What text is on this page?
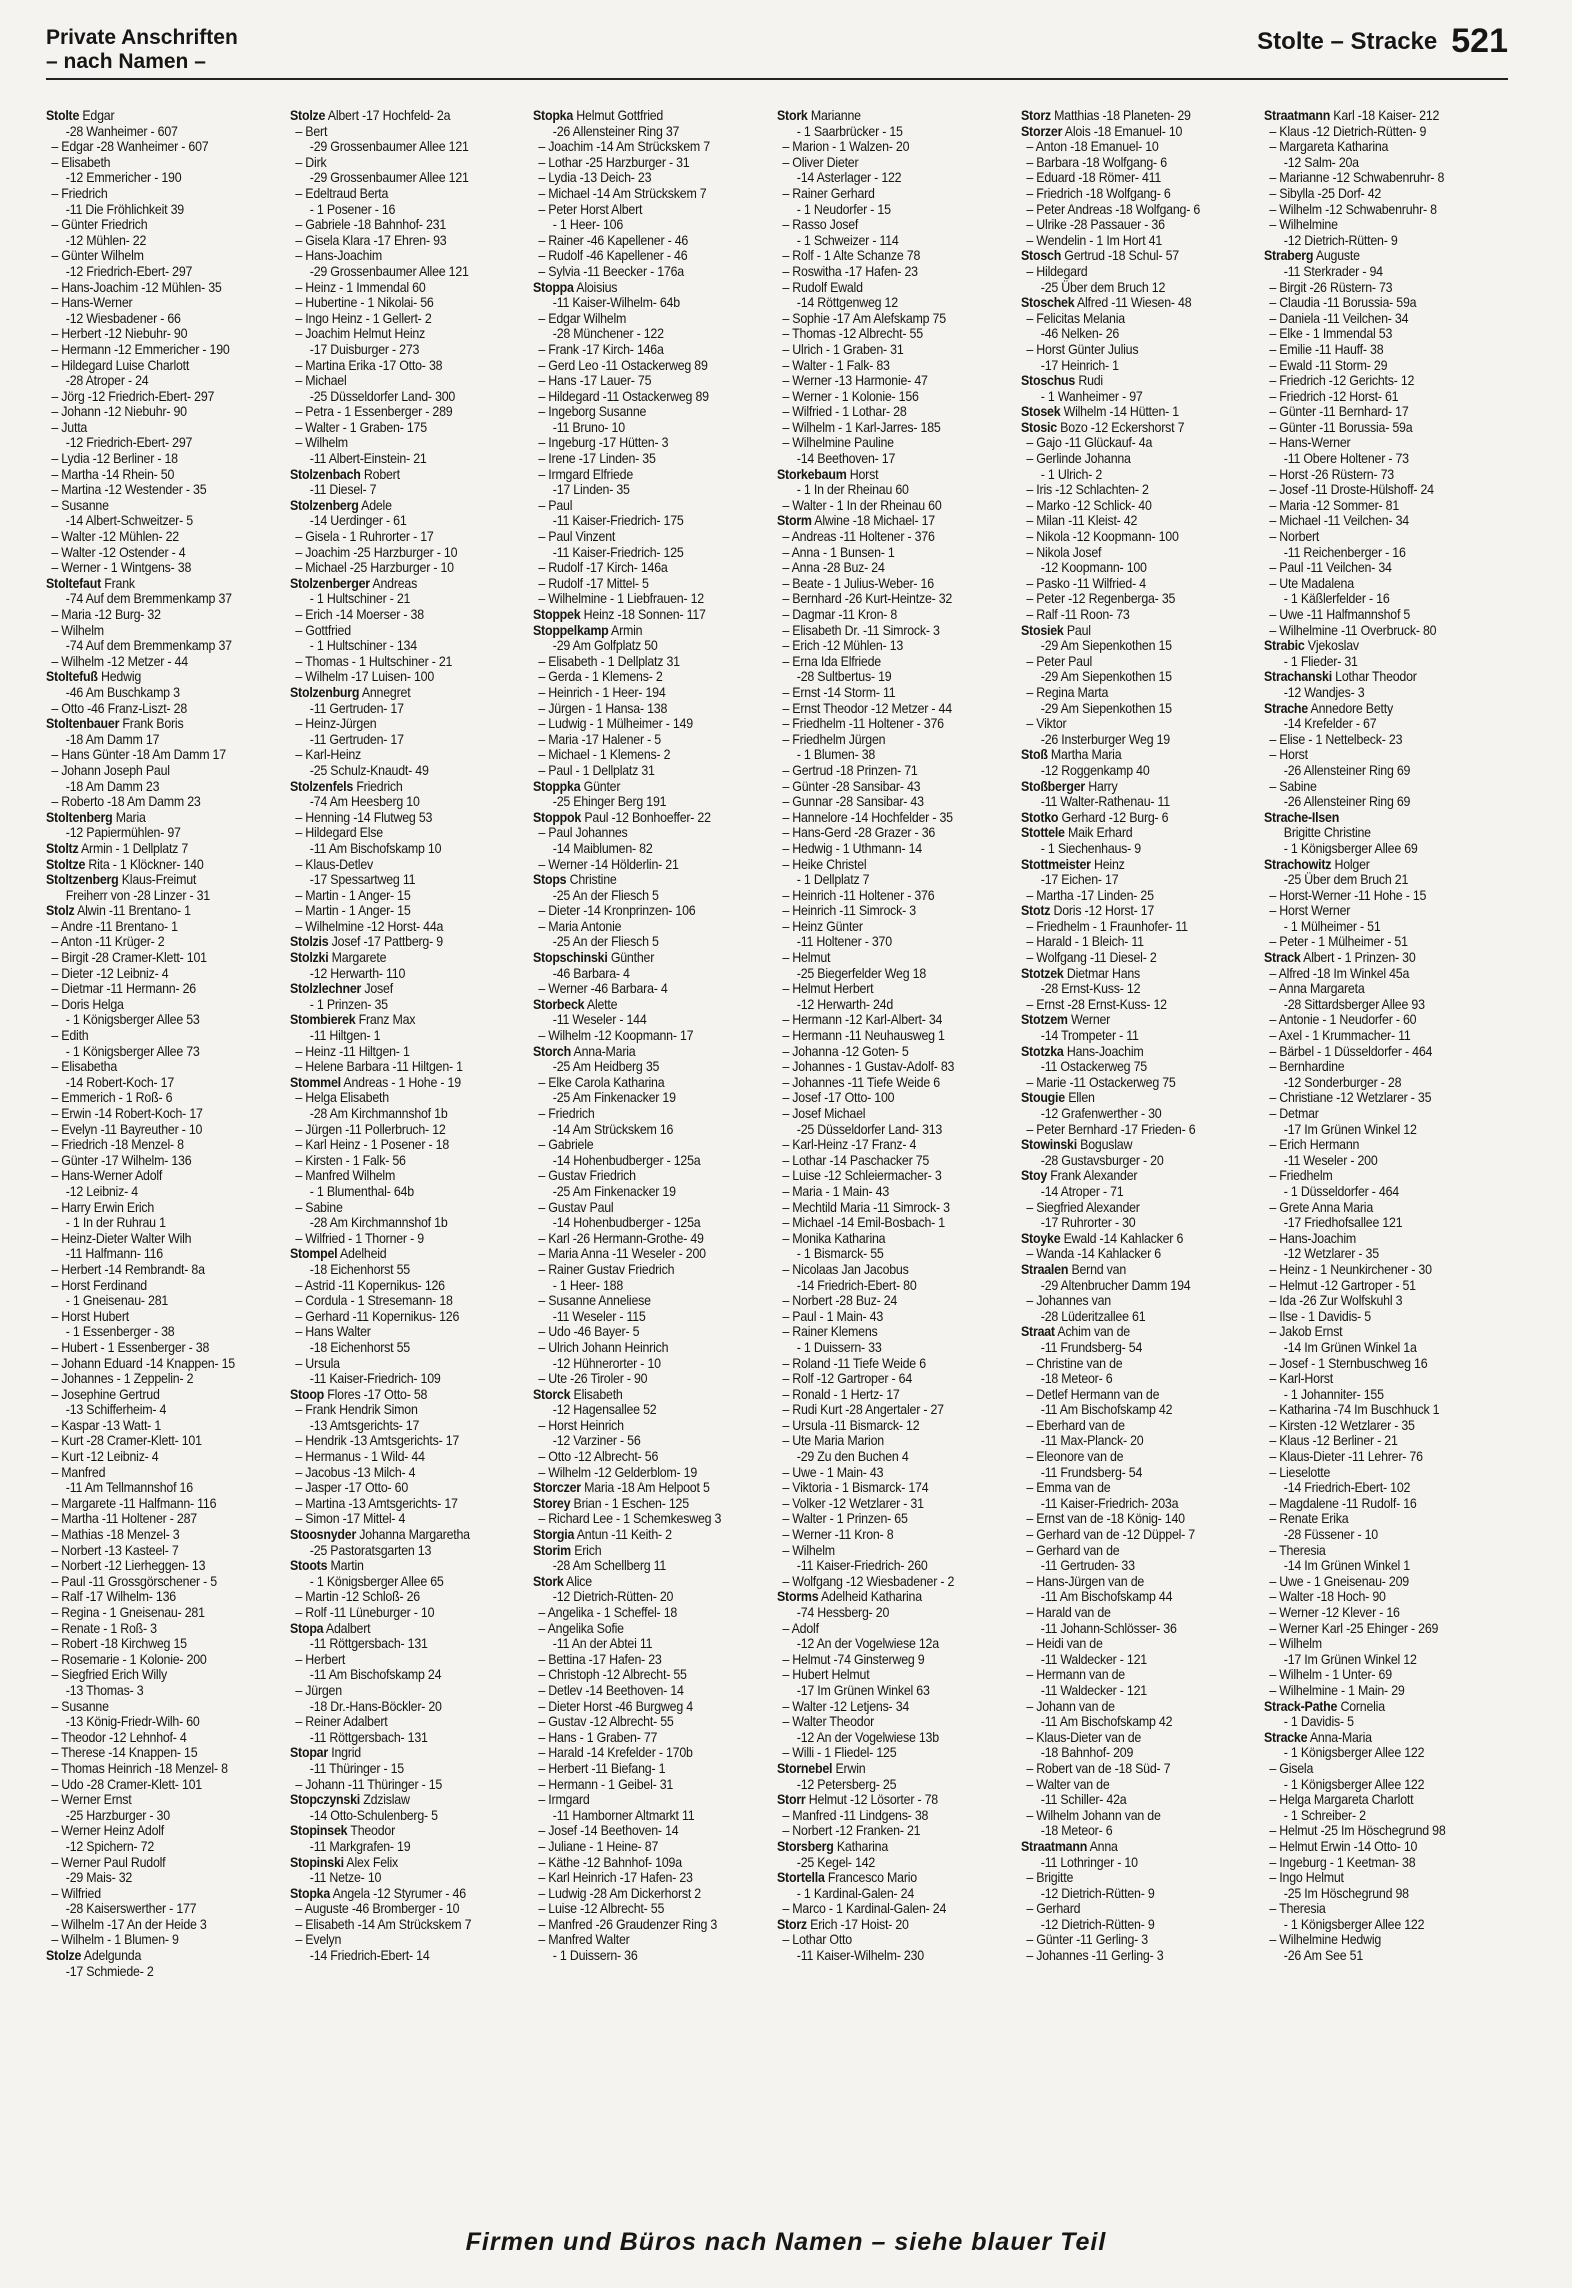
Private Anschriften
– nach Namen –
Stolte – Stracke 521
Stolte Edgar
-28 Wanheimer - 607
– Edgar -28 Wanheimer - 607
– Elisabeth
-12 Emmericher - 190
– Friedrich
-11 Die Fröhlichkeit 39
– Günter Friedrich
-12 Mühlen- 22
– Günter Wilhelm
-12 Friedrich-Ebert- 297
– Hans-Joachim -12 Mühlen- 35
– Hans-Werner
-12 Wiesbadener - 66
– Herbert -12 Niebuhr- 90
– Hermann -12 Emmericher - 190
– Hildegard Luise Charlott
-28 Atroper - 24
– Jörg -12 Friedrich-Ebert- 297
– Johann -12 Niebuhr- 90
– Jutta
-12 Friedrich-Ebert- 297
– Lydia -12 Berliner - 18
– Martha -14 Rhein- 50
– Martina -12 Westender - 35
– Susanne
-14 Albert-Schweitzer- 5
– Walter -12 Mühlen- 22
– Walter -12 Ostender - 4
– Werner - 1 Wintgens- 38
Stoltefaut Frank
-74 Auf dem Bremmenkamp 37
– Maria -12 Burg- 32
– Wilhelm
-74 Auf dem Bremmenkamp 37
– Wilhelm -12 Metzer - 44
Stoltefuß Hedwig
-46 Am Buschkamp 3
– Otto -46 Franz-Liszt- 28
Stoltenbauer Frank Boris
-18 Am Damm 17
– Hans Günter -18 Am Damm 17
– Johann Joseph Paul
-18 Am Damm 23
– Roberto -18 Am Damm 23
Stoltenberg Maria
-12 Papiermühlen- 97
Stoltz Armin - 1 Dellplatz 7
Stoltze Rita - 1 Klöckner- 140
Stoltzenberg Klaus-Freimut
Freiherr von -28 Linzer - 31
Stolz Alwin -11 Brentano- 1
– Andre -11 Brentano- 1
– Anton -11 Krüger- 2
– Birgit -28 Cramer-Klett- 101
– Dieter -12 Leibniz- 4
– Dietmar -11 Hermann- 26
– Doris Helga
- 1 Königsberger Allee 53
– Edith
- 1 Königsberger Allee 73
– Elisabetha
-14 Robert-Koch- 17
– Emmerich - 1 Roß- 6
– Erwin -14 Robert-Koch- 17
– Evelyn -11 Bayreuther - 10
– Friedrich -18 Menzel- 8
– Günter -17 Wilhelm- 136
– Hans-Werner Adolf
-12 Leibniz- 4
– Harry Erwin Erich
- 1 In der Ruhrau 1
– Heinz-Dieter Walter Wilh
-11 Halfmann- 116
– Herbert -14 Rembrandt- 8a
– Horst Ferdinand
- 1 Gneisenau- 281
– Horst Hubert
- 1 Essenberger - 38
– Hubert - 1 Essenberger - 38
– Johann Eduard -14 Knappen- 15
– Johannes - 1 Zeppelin- 2
– Josephine Gertrud
-13 Schifferheim- 4
– Kaspar -13 Watt- 1
– Kurt -28 Cramer-Klett- 101
– Kurt -12 Leibniz- 4
– Manfred
-11 Am Tellmannshof 16
– Margarete -11 Halfmann- 116
– Martha -11 Holtener - 287
– Mathias -18 Menzel- 3
– Norbert -13 Kasteel- 7
– Norbert -12 Lierheggen- 13
– Paul -11 Grossgörschener - 5
– Ralf -17 Wilhelm- 136
– Regina - 1 Gneisenau- 281
– Renate - 1 Roß- 3
– Robert -18 Kirchweg 15
– Rosemarie - 1 Kolonie- 200
– Siegfried Erich Willy
-13 Thomas- 3
– Susanne
-13 König-Friedr-Wilh- 60
– Theodor -12 Lehnhof- 4
– Therese -14 Knappen- 15
– Thomas Heinrich -18 Menzel- 8
– Udo -28 Cramer-Klett- 101
– Werner Ernst
-25 Harzburger - 30
– Werner Heinz Adolf
-12 Spichern- 72
– Werner Paul Rudolf
-29 Mais- 32
– Wilfried
-28 Kaiserswerther - 177
– Wilhelm -17 An der Heide 3
– Wilhelm - 1 Blumen- 9
Stolze Adelgunda
-17 Schmiede- 2
Stolze Albert -17 Hochfeld- 2a
– Bert
-29 Grossenbaumer Allee 121
– Dirk
-29 Grossenbaumer Allee 121
– Edeltraud Berta
- 1 Posener - 16
– Gabriele -18 Bahnhof- 231
– Gisela Klara -17 Ehren- 93
– Hans-Joachim
-29 Grossenbaumer Allee 121
– Heinz - 1 Immendal 60
– Hubertine - 1 Nikolai- 56
– Ingo Heinz - 1 Gellert- 2
– Joachim Helmut Heinz
-17 Duisburger - 273
– Martina Erika -17 Otto- 38
– Michael
-25 Düsseldorfer Land- 300
– Petra - 1 Essenberger - 289
– Walter - 1 Graben- 175
– Wilhelm
-11 Albert-Einstein- 21
Stolzenbach Robert
-11 Diesel- 7
Stolzenberg Adele
-14 Uerdinger - 61
– Gisela - 1 Ruhrorter - 17
– Joachim -25 Harzburger - 10
– Michael -25 Harzburger - 10
Stolzenberger Andreas
- 1 Hultschiner - 21
– Erich -14 Moerser - 38
– Gottfried
- 1 Hultschiner - 134
– Thomas - 1 Hultschiner - 21
– Wilhelm -17 Luisen- 100
Stolzenburg Annegret
-11 Gertruden- 17
– Heinz-Jürgen
-11 Gertruden- 17
– Karl-Heinz
-25 Schulz-Knaudt- 49
Stolzenfels Friedrich
-74 Am Heesberg 10
– Henning -14 Flutweg 53
– Hildegard Else
-11 Am Bischofskamp 10
– Klaus-Detlev
-17 Spessartweg 11
– Martin - 1 Anger- 15
– Martin - 1 Anger- 15
– Wilhelmine -12 Horst- 44a
Stolzis Josef -17 Pattberg- 9
Stolzki Margarete
-12 Herwarth- 110
Stolzlechner Josef
- 1 Prinzen- 35
Stombierek Franz Max
-11 Hiltgen- 1
– Heinz -11 Hiltgen- 1
– Helene Barbara -11 Hiltgen- 1
Stommel Andreas - 1 Hohe - 19
– Helga Elisabeth
-28 Am Kirchmannshof 1b
– Jürgen -11 Pollerbruch- 12
– Karl Heinz - 1 Posener - 18
– Kirsten - 1 Falk- 56
– Manfred Wilhelm
- 1 Blumenthal- 64b
– Sabine
-28 Am Kirchmannshof 1b
– Wilfried - 1 Thorner - 9
Stompel Adelheid
-18 Eichenhorst 55
– Astrid -11 Kopernikus- 126
– Cordula - 1 Stresemann- 18
– Gerhard -11 Kopernikus- 126
– Hans Walter
-18 Eichenhorst 55
– Ursula
-11 Kaiser-Friedrich- 109
Stoop Flores -17 Otto- 58
– Frank Hendrik Simon
-13 Amtsgerichts- 17
– Hendrik -13 Amtsgerichts- 17
– Hermanus - 1 Wild- 44
– Jacobus -13 Milch- 4
– Jasper -17 Otto- 60
– Martina -13 Amtsgerichts- 17
– Simon -17 Mittel- 4
Stoosnyder Johanna Margaretha
-25 Pastoratsgarten 13
Stoots Martin
- 1 Königsberger Allee 65
– Martin -12 Schloß- 26
– Rolf -11 Lüneburger - 10
Stopa Adalbert
-11 Röttgersbach- 131
– Herbert
-11 Am Bischofskamp 24
– Jürgen
-18 Dr.-Hans-Böckler- 20
– Reiner Adalbert
-11 Röttgersbach- 131
Stopar Ingrid
-11 Thüringer - 15
– Johann -11 Thüringer - 15
Stopczynski Zdzislaw
-14 Otto-Schulenberg- 5
Stopinsek Theodor
-11 Markgrafen- 19
Stopinski Alex Felix
-11 Netze- 10
Stopka Angela -12 Styrumer - 46
– Auguste -46 Bromberger - 10
– Elisabeth -14 Am Strückskem 7
– Evelyn
-14 Friedrich-Ebert- 14
Stopka Helmut Gottfried
-26 Allensteiner Ring 37
– Joachim -14 Am Strückskem 7
– Lothar -25 Harzburger - 31
– Lydia -13 Deich- 23
– Michael -14 Am Strückskem 7
– Peter Horst Albert
- 1 Heer- 106
– Rainer -46 Kapellener - 46
– Rudolf -46 Kapellener - 46
– Sylvia -11 Beecker - 176a
Stoppa Aloisius
-11 Kaiser-Wilhelm- 64b
– Edgar Wilhelm
-28 Münchener - 122
– Frank -17 Kirch- 146a
– Gerd Leo -11 Ostackerweg 89
– Hans -17 Lauer- 75
– Hildegard -11 Ostackerweg 89
– Ingeborg Susanne
-11 Bruno- 10
– Ingeburg -17 Hütten- 3
– Irene -17 Linden- 35
– Irmgard Elfriede
-17 Linden- 35
– Paul
-11 Kaiser-Friedrich- 175
– Paul Vinzent
-11 Kaiser-Friedrich- 125
– Rudolf -17 Kirch- 146a
– Rudolf -17 Mittel- 5
– Wilhelmine - 1 Liebfrauen- 12
Stoppek Heinz -18 Sonnen- 117
Stoppelkamp Armin
-29 Am Golfplatz 50
– Elisabeth - 1 Dellplatz 31
– Gerda - 1 Klemens- 2
– Heinrich - 1 Heer- 194
– Jürgen - 1 Hansa- 138
– Ludwig - 1 Mülheimer - 149
– Maria -17 Halener - 5
– Michael - 1 Klemens- 2
– Paul - 1 Dellplatz 31
Stoppka Günter
-25 Ehinger Berg 191
Stoppok Paul -12 Bonhoeffer- 22
– Paul Johannes
-14 Maiblumen- 82
– Werner -14 Hölderlin- 21
Stops Christine
-25 An der Fliesch 5
– Dieter -14 Kronprinzen- 106
– Maria Antonie
-25 An der Fliesch 5
Stopschinski Günther
-46 Barbara- 4
– Werner -46 Barbara- 4
Storbeck Alette
-11 Weseler - 144
– Wilhelm -12 Koopmann- 17
Storch Anna-Maria
-25 Am Heidberg 35
– Elke Carola Katharina
-25 Am Finkenacker 19
– Friedrich
-14 Am Strückskem 16
– Gabriele
-14 Hohenbudberger - 125a
– Gustav Friedrich
-25 Am Finkenacker 19
– Gustav Paul
-14 Hohenbudberger - 125a
– Karl -26 Hermann-Grothe- 49
– Maria Anna -11 Weseler - 200
– Rainer Gustav Friedrich
- 1 Heer- 188
– Susanne Anneliese
-11 Weseler - 115
– Udo -46 Bayer- 5
– Ulrich Johann Heinrich
-12 Hühnerorter - 10
– Ute -26 Tiroler - 90
Storck Elisabeth
-12 Hagensallee 52
– Horst Heinrich
-12 Varziner - 56
– Otto -12 Albrecht- 56
– Wilhelm -12 Gelderblom- 19
Storczer Maria -18 Am Helpoot 5
Storey Brian - 1 Eschen- 125
– Richard Lee - 1 Schemkesweg 3
Storgia Antun -11 Keith- 2
Storim Erich
-28 Am Schellberg 11
Stork Alice
-12 Dietrich-Rütten- 20
– Angelika - 1 Scheffel- 18
– Angelika Sofie
-11 An der Abtei 11
– Bettina -17 Hafen- 23
– Christoph -12 Albrecht- 55
– Detlev -14 Beethoven- 14
– Dieter Horst -46 Burgweg 4
– Gustav -12 Albrecht- 55
– Hans - 1 Graben- 77
– Harald -14 Krefelder - 170b
– Herbert -11 Biefang- 1
– Hermann - 1 Geibel- 31
– Irmgard
-11 Hamborner Altmarkt 11
– Josef -14 Beethoven- 14
– Juliane - 1 Heine- 87
– Käthe -12 Bahnhof- 109a
– Karl Heinrich -17 Hafen- 23
– Ludwig -28 Am Dickerhorst 2
– Luise -12 Albrecht- 55
– Manfred -26 Graudenzer Ring 3
– Manfred Walter
- 1 Duissern- 36
Stork Marianne
- 1 Saarbrücker - 15
– Marion - 1 Walzen- 20
– Oliver Dieter
-14 Asterlager - 122
– Rainer Gerhard
- 1 Neudorfer - 15
– Rasso Josef
- 1 Schweizer - 114
– Rolf - 1 Alte Schanze 78
– Roswitha -17 Hafen- 23
– Rudolf Ewald
-14 Röttgenweg 12
– Sophie -17 Am Alefskamp 75
– Thomas -12 Albrecht- 55
– Ulrich - 1 Graben- 31
– Walter - 1 Falk- 83
– Werner -13 Harmonie- 47
– Werner - 1 Kolonie- 156
– Wilfried - 1 Lothar- 28
– Wilhelm - 1 Karl-Jarres- 185
– Wilhelmine Pauline
-14 Beethoven- 17
Storkebaum Horst
- 1 In der Rheinau 60
– Walter - 1 In der Rheinau 60
Storm Alwine -18 Michael- 17
– Andreas -11 Holtener - 376
– Anna - 1 Bunsen- 1
– Anna -28 Buz- 24
– Beate - 1 Julius-Weber- 16
– Bernhard -26 Kurt-Heintze- 32
– Dagmar -11 Kron- 8
– Elisabeth Dr. -11 Simrock- 3
– Erich -12 Mühlen- 13
– Erna Ida Elfriede
-28 Sultbertus- 19
– Ernst -14 Storm- 11
– Ernst Theodor -12 Metzer - 44
– Friedhelm -11 Holtener - 376
– Friedhelm Jürgen
- 1 Blumen- 38
– Gertrud -18 Prinzen- 71
– Günter -28 Sansibar- 43
– Gunnar -28 Sansibar- 43
– Hannelore -14 Hochfelder - 35
– Hans-Gerd -28 Grazer - 36
– Hedwig - 1 Uthmann- 14
– Heike Christel
- 1 Dellplatz 7
– Heinrich -11 Holtener - 376
– Heinrich -11 Simrock- 3
– Heinz Günter
-11 Holtener - 370
– Helmut
-25 Biegerfelder Weg 18
– Helmut Herbert
-12 Herwarth- 24d
– Hermann -12 Karl-Albert- 34
– Hermann -11 Neuhausweg 1
– Johanna -12 Goten- 5
– Johannes - 1 Gustav-Adolf- 83
– Johannes -11 Tiefe Weide 6
– Josef -17 Otto- 100
– Josef Michael
-25 Düsseldorfer Land- 313
– Karl-Heinz -17 Franz- 4
– Lothar -14 Paschacker 75
– Luise -12 Schleiermacher- 3
– Maria - 1 Main- 43
– Mechtild Maria -11 Simrock- 3
– Michael -14 Emil-Bosbach- 1
– Monika Katharina
- 1 Bismarck- 55
– Nicolaas Jan Jacobus
-14 Friedrich-Ebert- 80
– Norbert -28 Buz- 24
– Paul - 1 Main- 43
– Rainer Klemens
- 1 Duissern- 33
– Roland -11 Tiefe Weide 6
– Rolf -12 Gartroper - 64
– Ronald - 1 Hertz- 17
– Rudi Kurt -28 Angertaler - 27
– Ursula -11 Bismarck- 12
– Ute Maria Marion
-29 Zu den Buchen 4
– Uwe - 1 Main- 43
– Viktoria - 1 Bismarck- 174
– Volker -12 Wetzlarer - 31
– Walter - 1 Prinzen- 65
– Werner -11 Kron- 8
– Wilhelm
-11 Kaiser-Friedrich- 260
– Wolfgang -12 Wiesbadener - 2
Storms Adelheid Katharina
-74 Hessberg- 20
– Adolf
-12 An der Vogelwiese 12a
– Helmut -74 Ginsterweg 9
– Hubert Helmut
-17 Im Grünen Winkel 63
– Walter -12 Letjens- 34
– Walter Theodor
-12 An der Vogelwiese 13b
– Willi - 1 Fliedel- 125
Stornebel Erwin
-12 Petersberg- 25
Storr Helmut -12 Lösorter - 78
– Manfred -11 Lindgens- 38
– Norbert -12 Franken- 21
Storsberg Katharina
-25 Kegel- 142
Stortella Francesco Mario
- 1 Kardinal-Galen- 24
– Marco - 1 Kardinal-Galen- 24
Storz Erich -17 Hoist- 20
– Lothar Otto
-11 Kaiser-Wilhelm- 230
Storz Matthias -18 Planeten- 29
Storzer Alois -18 Emanuel- 10
– Anton -18 Emanuel- 10
– Barbara -18 Wolfgang- 6
– Eduard -18 Römer- 411
– Friedrich -18 Wolfgang- 6
– Peter Andreas -18 Wolfgang- 6
– Ulrike -28 Passauer - 36
– Wendelin - 1 Im Hort 41
Stosch Gertrud -18 Schul- 57
– Hildegard
-25 Über dem Bruch 12
Stoschek Alfred -11 Wiesen- 48
– Felicitas Melania
-46 Nelken- 26
– Horst Günter Julius
-17 Heinrich- 1
Stoschus Rudi
- 1 Wanheimer - 97
Stosek Wilhelm -14 Hütten- 1
Stosic Bozo -12 Eckershorst 7
– Gajo -11 Glückauf- 4a
– Gerlinde Johanna
- 1 Ulrich- 2
– Iris -12 Schlachten- 2
– Marko -12 Schlick- 40
– Milan -11 Kleist- 42
– Nikola -12 Koopmann- 100
– Nikola Josef
-12 Koopmann- 100
– Pasko -11 Wilfried- 4
– Peter -12 Regenberga- 35
– Ralf -11 Roon- 73
Stosiek Paul
-29 Am Siepenkothen 15
– Peter Paul
-29 Am Siepenkothen 15
– Regina Marta
-29 Am Siepenkothen 15
– Viktor
-26 Insterburger Weg 19
Stoß Martha Maria
-12 Roggenkamp 40
Stoßberger Harry
-11 Walter-Rathenau- 11
Stotko Gerhard -12 Burg- 6
Stottele Maik Erhard
- 1 Siechenhaus- 9
Stottmeister Heinz
-17 Eichen- 17
– Martha -17 Linden- 25
Stotz Doris -12 Horst- 17
– Friedhelm - 1 Fraunhofer- 11
– Harald - 1 Bleich- 11
– Wolfgang -11 Diesel- 2
Stotzek Dietmar Hans
-28 Ernst-Kuss- 12
– Ernst -28 Ernst-Kuss- 12
Stotzem Werner
-14 Trompeter - 11
Stotzka Hans-Joachim
-11 Ostackerweg 75
– Marie -11 Ostackerweg 75
Stougie Ellen
-12 Grafenwerther - 30
– Peter Bernhard -17 Frieden- 6
Stowinski Boguslaw
-28 Gustavsburger - 20
Stoy Frank Alexander
-14 Atroper - 71
– Siegfried Alexander
-17 Ruhrorter - 30
Stoyke Ewald -14 Kahlacker 6
– Wanda -14 Kahlacker 6
Straalen Bernd van
-29 Altenbrucher Damm 194
– Johannes van
-28 Lüderitzallee 61
Straat Achim van de
-11 Frundsberg- 54
– Christine van de
-18 Meteor- 6
– Detlef Hermann van de
-11 Am Bischofskamp 42
– Eberhard van de
-11 Max-Planck- 20
– Eleonore van de
-11 Frundsberg- 54
– Emma van de
-11 Kaiser-Friedrich- 203a
– Ernst van de -18 König- 140
– Gerhard van de -12 Düppel- 7
– Gerhard van de
-11 Gertruden- 33
– Hans-Jürgen van de
-11 Am Bischofskamp 44
– Harald van de
-11 Johann-Schlösser- 36
– Heidi van de
-11 Waldecker - 121
– Hermann van de
-11 Waldecker - 121
– Johann van de
-11 Am Bischofskamp 42
– Klaus-Dieter van de
-18 Bahnhof- 209
– Robert van de -18 Süd- 7
– Walter van de
-11 Schiller- 42a
– Wilhelm Johann van de
-18 Meteor- 6
Straatmann Anna
-11 Lothringer - 10
– Brigitte
-12 Dietrich-Rütten- 9
– Gerhard
-12 Dietrich-Rütten- 9
– Günter -11 Gerling- 3
– Johannes -11 Gerling- 3
Straatmann Karl -18 Kaiser- 212
– Klaus -12 Dietrich-Rütten- 9
– Margareta Katharina
-12 Salm- 20a
– Marianne -12 Schwabenruhr- 8
– Sibylla -25 Dorf- 42
– Wilhelm -12 Schwabenruhr- 8
– Wilhelmine
-12 Dietrich-Rütten- 9
Straberg Auguste
-11 Sterkrader - 94
– Birgit -26 Rüstern- 73
– Claudia -11 Borussia- 59a
– Daniela -11 Veilchen- 34
– Elke - 1 Immendal 53
– Emilie -11 Hauff- 38
– Ewald -11 Storm- 29
– Friedrich -12 Gerichts- 12
– Friedrich -12 Horst- 61
– Günter -11 Bernhard- 17
– Günter -11 Borussia- 59a
– Hans-Werner
-11 Obere Holtener - 73
– Horst -26 Rüstern- 73
– Josef -11 Droste-Hülshoff- 24
– Maria -12 Sommer- 81
– Michael -11 Veilchen- 34
– Norbert
-11 Reichenberger - 16
– Paul -11 Veilchen- 34
– Ute Madalena
- 1 Käßlerfelder - 16
– Uwe -11 Halfmannshof 5
– Wilhelmine -11 Overbruck- 80
Strabic Vjekoslav
- 1 Flieder- 31
Strachanski Lothar Theodor
-12 Wandjes- 3
Strache Annedore Betty
-14 Krefelder - 67
– Elise - 1 Nettelbeck- 23
– Horst
-26 Allensteiner Ring 69
– Sabine
-26 Allensteiner Ring 69
Strache-Ilsen
Brigitte Christine
- 1 Königsberger Allee 69
Strachowitz Holger
-25 Über dem Bruch 21
– Horst-Werner -11 Hohe - 15
– Horst Werner
- 1 Mülheimer - 51
– Peter - 1 Mülheimer - 51
Strack Albert - 1 Prinzen- 30
– Alfred -18 Im Winkel 45a
– Anna Margareta
-28 Sittardsberger Allee 93
– Antonie - 1 Neudorfer - 60
– Axel - 1 Krummacher- 11
– Bärbel - 1 Düsseldorfer - 464
– Bernhardine
-12 Sonderburger - 28
– Christiane -12 Wetzlarer - 35
– Detmar
-17 Im Grünen Winkel 12
– Erich Hermann
-11 Weseler - 200
– Friedhelm
- 1 Düsseldorfer - 464
– Grete Anna Maria
-17 Friedhofsallee 121
– Hans-Joachim
-12 Wetzlarer - 35
– Heinz - 1 Neunkirchener - 30
– Helmut -12 Gartroper - 51
– Ida -26 Zur Wolfskuhl 3
– Ilse - 1 Davidis- 5
– Jakob Ernst
-14 Im Grünen Winkel 1a
– Josef - 1 Sternbuschweg 16
– Karl-Horst
- 1 Johanniter- 155
– Katharina -74 Im Buschhuck 1
– Kirsten -12 Wetzlarer - 35
– Klaus -12 Berliner - 21
– Klaus-Dieter -11 Lehrer- 76
– Lieselotte
-14 Friedrich-Ebert- 102
– Magdalene -11 Rudolf- 16
– Renate Erika
-28 Füssener - 10
– Theresia
-14 Im Grünen Winkel 1
– Uwe - 1 Gneisenau- 209
– Walter -18 Hoch- 90
– Werner -12 Klever - 16
– Werner Karl -25 Ehinger - 269
– Wilhelm
-17 Im Grünen Winkel 12
– Wilhelm - 1 Unter- 69
– Wilhelmine - 1 Main- 29
Strack-Pathe Cornelia
- 1 Davidis- 5
Stracke Anna-Maria
- 1 Königsberger Allee 122
– Gisela
- 1 Königsberger Allee 122
– Helga Margareta Charlott
- 1 Schreiber- 2
– Helmut -25 Im Höschegrund 98
– Helmut Erwin -14 Otto- 10
– Ingeburg - 1 Keetman- 38
– Ingo Helmut
-25 Im Höschegrund 98
– Theresia
- 1 Königsberger Allee 122
– Wilhelmine Hedwig
-26 Am See 51
Firmen und Büros nach Namen – siehe blauer Teil
